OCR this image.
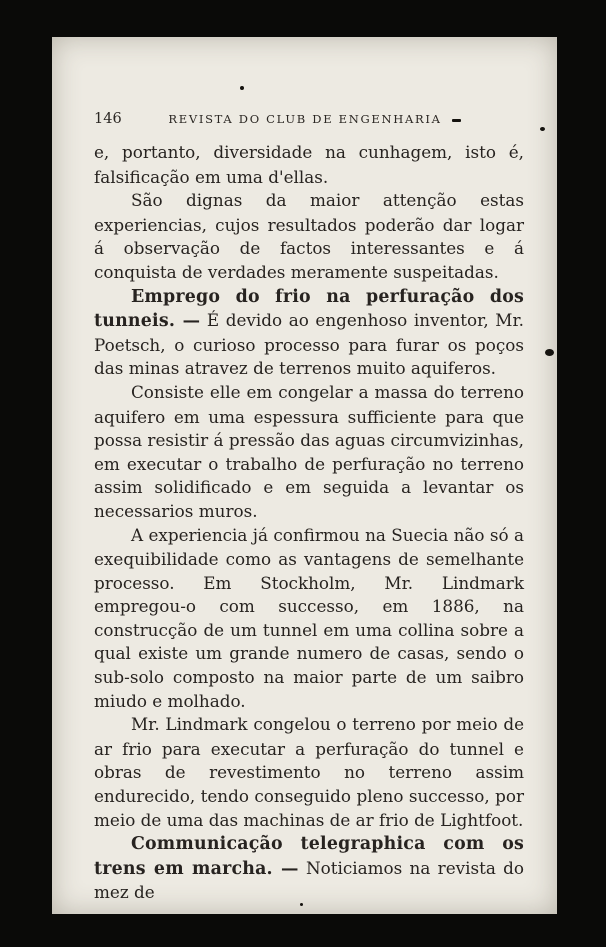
146	REVISTA DO CLUB DE ENGENHARIA

e, portanto, diversidade na cunhagem, isto é, falsificação em uma d'ellas.

São dignas da maior attenção estas experiencias, cujos resultados poderão dar logar á observação de factos interessantes e á conquista de verdades meramente suspeitadas.

Emprego do frio na perfuração dos tunneis. — É devido ao engenhoso inventor, Mr. Poetsch, o curioso processo para furar os poços das minas atravez de terrenos muito aquiferos.

Consiste elle em congelar a massa do terreno aquifero em uma espessura sufficiente para que possa resistir á pressão das aguas circumvizinhas, em executar o trabalho de perfuração no terreno assim solidificado e em seguida a levantar os necessarios muros.

A experiencia já confirmou na Suecia não só a exequibilidade como as vantagens de semelhante processo. Em Stockholm, Mr. Lindmark empregou-o com successo, em 1886, na construcção de um tunnel em uma collina sobre a qual existe um grande numero de casas, sendo o sub-solo composto na maior parte de um saibro miudo e molhado.

Mr. Lindmark congelou o terreno por meio de ar frio para executar a perfuração do tunnel e obras de revestimento no terreno assim endurecido, tendo conseguido pleno successo, por meio de uma das machinas de ar frio de Lightfoot.

Communicação telegraphica com os trens em marcha. — Noticiamos na revista do mez de
